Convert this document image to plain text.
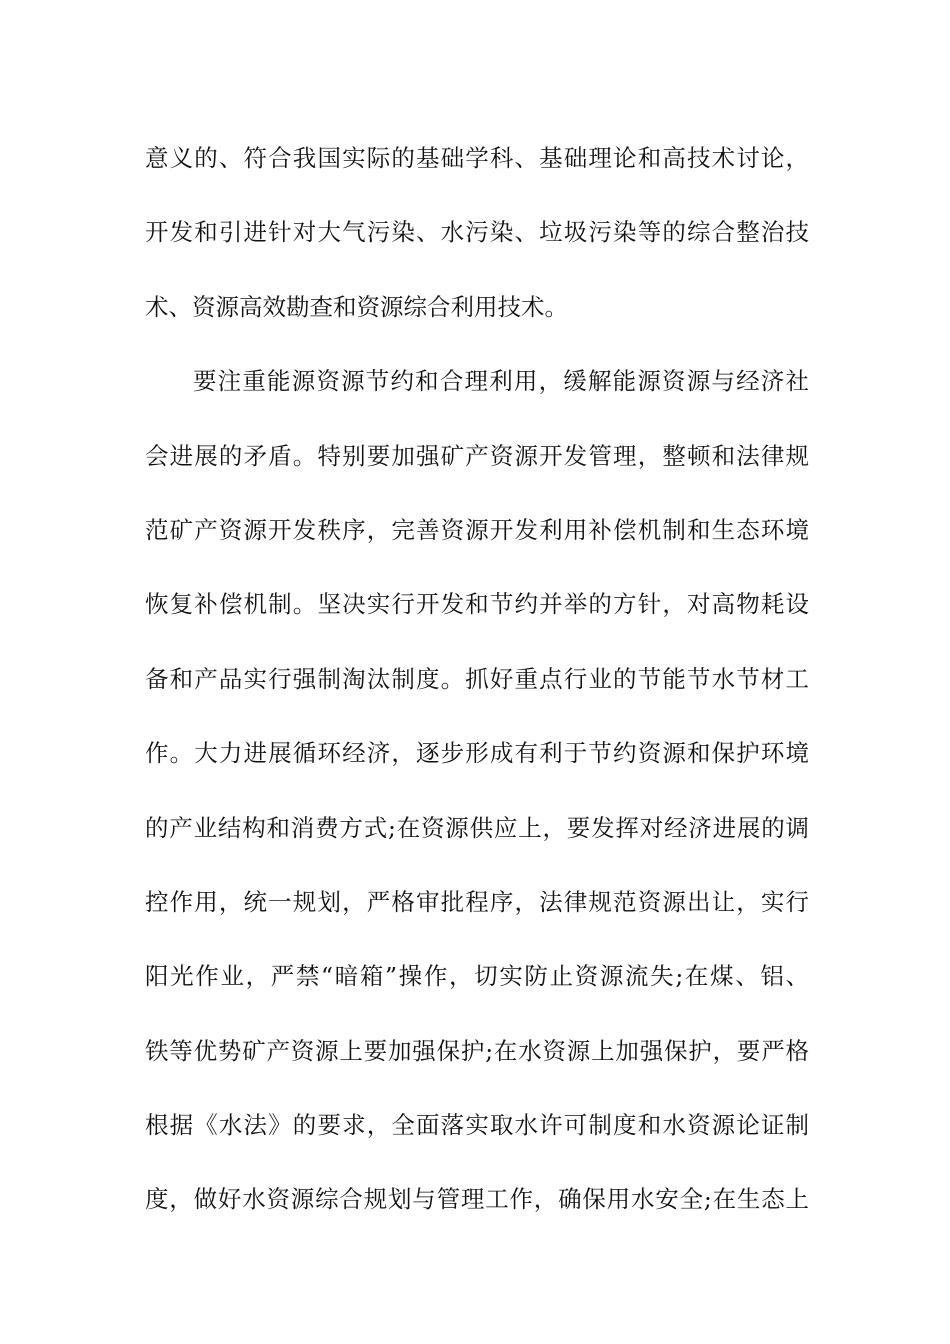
意义的、符合我国实际的基础学科、基础理论和高技术讨论，
开发和引进针对大气污染、水污染、垃圾污染等的综合整治技
术、资源高效勘查和资源综合利用技术。
要注重能源资源节约和合理利用，缓解能源资源与经济社
会进展的矛盾。特别要加强矿产资源开发管理，整顿和法律规
范矿产资源开发秩序，完善资源开发利用补偿机制和生态环境
恢复补偿机制。坚决实行开发和节约并举的方针，对高物耗设
备和产品实行强制淘汰制度。抓好重点行业的节能节水节材工
作。大力进展循环经济，逐步形成有利于节约资源和保护环境
的产业结构和消费方式;在资源供应上，要发挥对经济进展的调
控作用，统一规划，严格审批程序，法律规范资源出让，实行
阳光作业，严禁“暗箱”操作，切实防止资源流失;在煤、铝、
铁等优势矿产资源上要加强保护;在水资源上加强保护，要严格
根据《水法》的要求，全面落实取水许可制度和水资源论证制
度，做好水资源综合规划与管理工作，确保用水安全;在生态上
